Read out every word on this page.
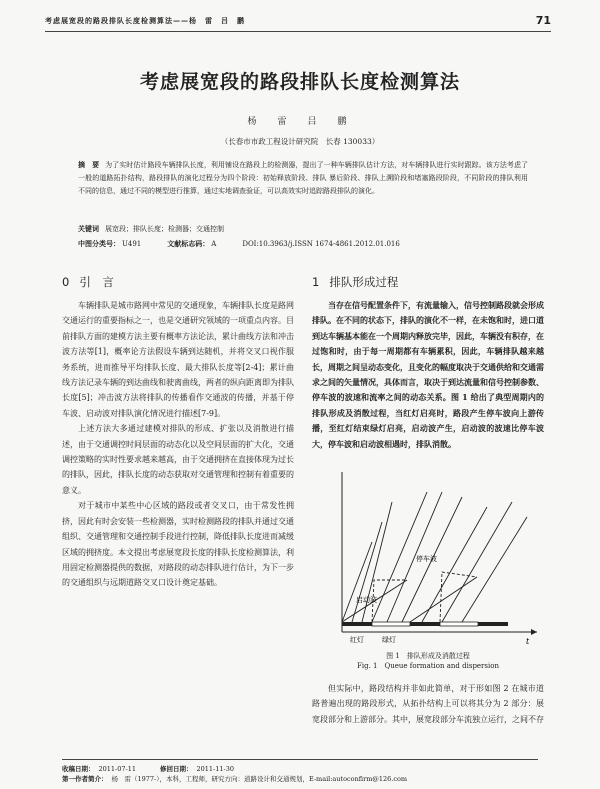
考虑展宽段的路段排队长度检测算法——杨　雷　吕　鹏	71
考虑展宽段的路段排队长度检测算法
杨　雷　吕　鹏
（长春市市政工程设计研究院　长春 130033）
摘　要 为了实时估计路段车辆排队长度，利用铺设在路段上的检测器，提出了一种车辆排队估计方法，对车辆排队进行实时跟踪。该方法考虑了一般的道路拓扑结构，路段排队的演化过程分为四个阶段：初始释放阶段、排队 暴后阶段、排队上溯阶段和堵塞路段阶段，不同阶段的排队利用不同的信息，通过不同的模型进行推算，通过实地调查验证，可以高效实时追踪路段排队的演化。
关键词 展宽段；排队长度；检测器；交通控制
中图分类号： U491	文献标志码： A	DOI:10.3963/j.ISSN 1674-4861.2012.01.016
0 引　言

车辆排队是城市路网中常见的交通现象，车辆排队长度是路网交通运行的重要指标之一，也是交通研究领域的一项重点内容。目前排队方面的建模方法主要有概率方法论法，累计曲线方法和冲击波方法等[1]，概率论方法假设车辆到达随机，并将交叉口视作服务系统，进而推导平均排队长度、最大排队长度等[2-4]；累计曲线方法记录车辆的到达曲线和驶离曲线，两者的纵向距离即为排队长度[5]；冲击波方法将排队的传播看作交通波的传播，并基于停车波、启动波对排队演化情况进行描述[7-9]。

上述方法大多通过建模对排队的形成、扩张以及消散进行描述，由于交通调控时间层面的动态化以及空间层面的扩大化，交通调控策略的实时性要求越来越高，由于交通拥挤在直接体现为过长的排队，因此，排队长度的动态获取对交通管理和控制有着重要的意义。

对于城市中某些中心区域的路段或者交叉口，由于常发性拥挤，因此有时会安装一些检测器，实时检测路段的排队并通过交通组织、交通管理和交通控制手段进行控制，降低排队长度进而减缓区域的拥挤度。本文提出考虑展宽段长度的排队长度检测算法，利用固定检测器提供的数据，对路段的动态排队进行估计，为下一步的交通组织与远期道路交叉口设计奠定基础。

1 排队形成过程

当存在信号配置条件下，有流量输入，信号控制路段就会形成排队。在不同的状态下，排队的演化不一样，在未饱和时，进口道到达车辆基本能在一个周期内释放完毕，因此，车辆没有积存，在过饱和时，由于每一周期都有车辆累积，因此，车辆排队越来越长，周期之间呈动态变化，且变化的幅度取决于交通供给和交通需求之间的矢量情况，具体而言，取决于到达流量和信号控制参数、停车波的波速和流率之间的动态关系。图 1 给出了典型周期内的排队形成及消散过程，当红灯启亮时，路段产生停车波向上游传播，至红灯结束绿灯启亮，启动波产生，启动波的波速比停车波大，停车波和启动波相遇时，排队消散。

停车波
启动波
红灯	绿灯	t
图 1　排队形成及消散过程
Fig. 1　Queue formation and dispersion

但实际中，路段结构并非如此简单，对于形如图 2 在城市道路普遍出现的路段形式，从拓扑结构上可以将其分为 2 部分：展宽段部分和上游部分。其中，展宽段部分车流独立运行，之间不存

收稿日期： 2011-07-11	修回日期： 2011-11-30
第一作者简介： 杨　雷（1977-），本科，工程师，研究方向：道路设计和交通规划，E-mail:autoconfirm@126.com
